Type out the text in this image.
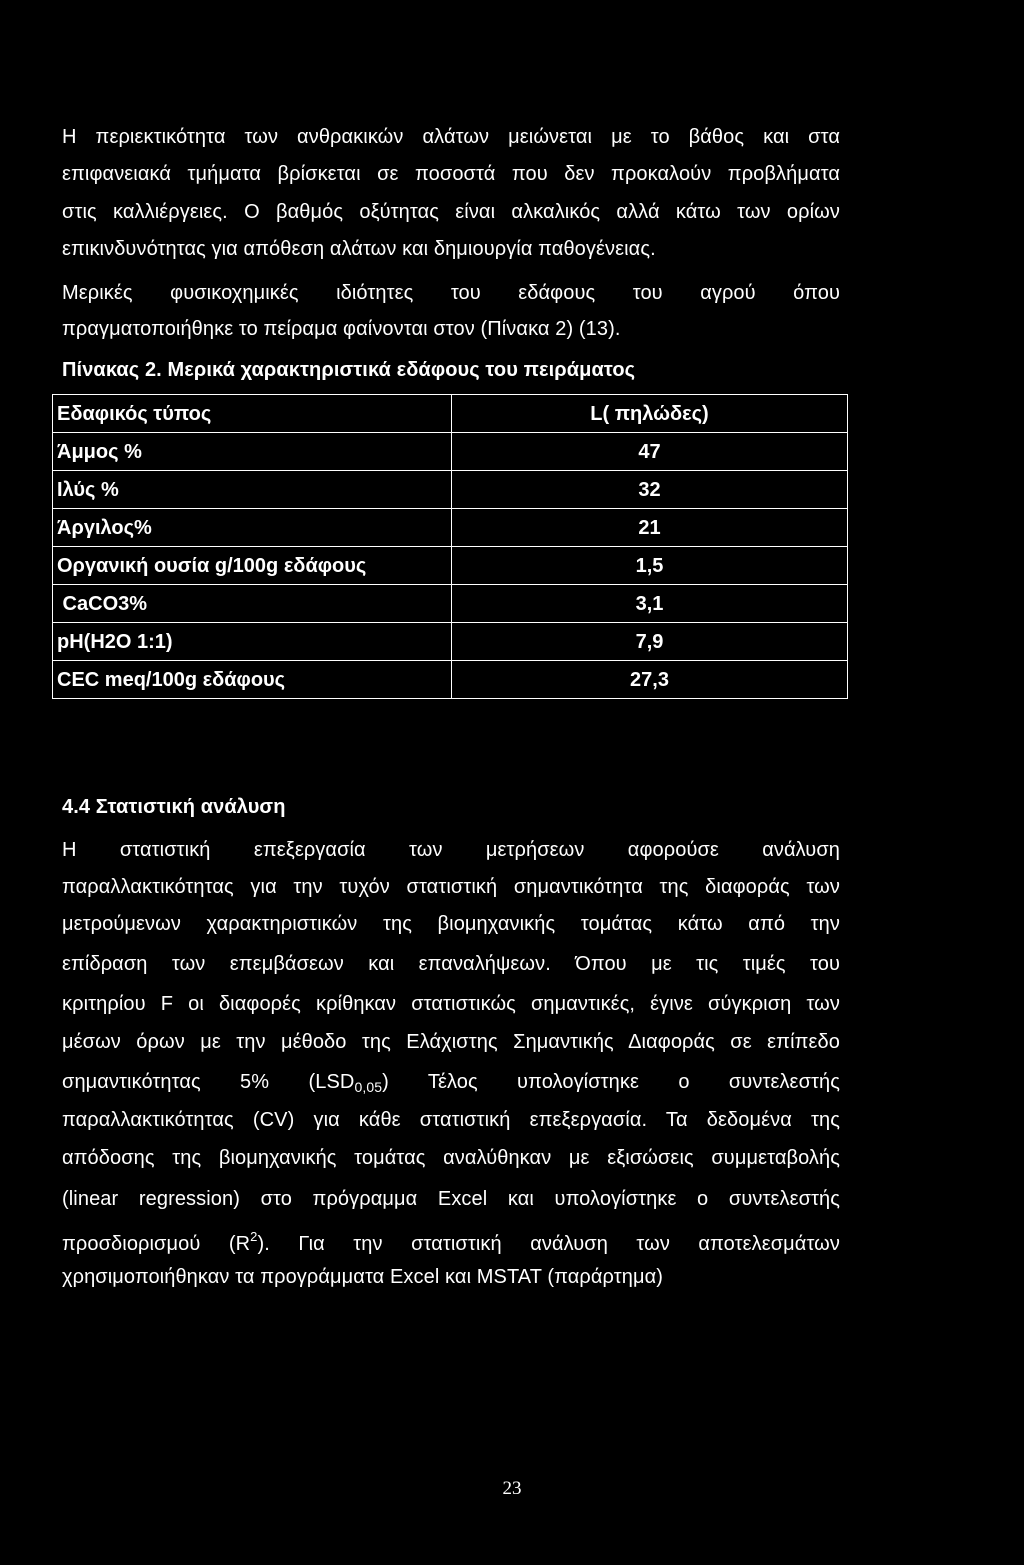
Η περιεκτικότητα των ανθρακικών αλάτων μειώνεται με το βάθος και στα
επιφανειακά τμήματα βρίσκεται σε ποσοστά που δεν προκαλούν προβλήματα
στις καλλιέργειες. Ο βαθμός οξύτητας είναι αλκαλικός αλλά κάτω των ορίων
επικινδυνότητας για απόθεση αλάτων και δημιουργία παθογένειας.
Μερικές φυσικοχημικές ιδιότητες του εδάφους του αγρού όπου
πραγματοποιήθηκε το πείραμα φαίνονται στον (Πίνακα 2) (13).
Πίνακας 2. Μερικά χαρακτηριστικά εδάφους του πειράματος
Εδαφικός τύπος	L( πηλώδες)
Άμμος %	47
Ιλύς %	32
Άργιλος%	21
Οργανική ουσία g/100g εδάφους	1,5
CaCO3%	3,1
pH(H2O 1:1)	7,9
CEC meq/100g εδάφους	27,3
4.4 Στατιστική ανάλυση
Η στατιστική επεξεργασία των μετρήσεων αφορούσε ανάλυση
παραλλακτικότητας για την τυχόν στατιστική σημαντικότητα της διαφοράς των
μετρούμενων χαρακτηριστικών της βιομηχανικής τομάτας κάτω από την
επίδραση των επεμβάσεων και επαναλήψεων. Όπου με τις τιμές του
κριτηρίου F οι διαφορές κρίθηκαν στατιστικώς σημαντικές, έγινε σύγκριση των
μέσων όρων με την μέθοδο της Ελάχιστης Σημαντικής Διαφοράς σε επίπεδο
σημαντικότητας 5% $(LSD_{0,05})$ Τέλος υπολογίστηκε ο συντελεστής
παραλλακτικότητας (CV) για κάθε στατιστική επεξεργασία. Τα δεδομένα της
απόδοσης της βιομηχανικής τομάτας αναλύθηκαν με εξισώσεις συμμεταβολής
(linear regression) στο πρόγραμμα Excel και υπολογίστηκε ο συντελεστής
προσδιορισμού $(R^2)$. Για την στατιστική ανάλυση των αποτελεσμάτων
χρησιμοποιήθηκαν τα προγράμματα Excel και MSTAT (παράρτημα)
23
